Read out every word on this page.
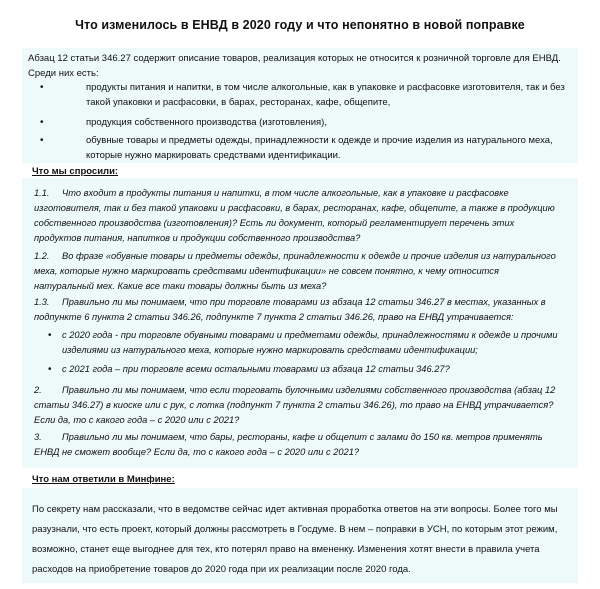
Что изменилось в ЕНВД в 2020 году и что непонятно в новой поправке
Абзац 12 статьи 346.27 содержит описание товаров, реализация которых не относится к розничной торговле для ЕНВД. Среди них есть:
•	продукты питания и напитки, в том числе алкогольные, как в упаковке и расфасовке изготовителя, так и без такой упаковки и расфасовки, в барах, ресторанах, кафе, общепите,
•	продукция собственного производства (изготовления),
•	обувные товары и предметы одежды, принадлежности к одежде и прочие изделия из натурального меха, которые нужно маркировать средствами идентификации.
Что мы спросили:
1.1.	Что входит в продукты питания и напитки, в том числе алкогольные, как в упаковке и расфасовке изготовителя, так и без такой упаковки и расфасовки, в барах, ресторанах, кафе, общепите, а также в продукцию собственного производства (изготовления)? Есть ли документ, который регламентирует перечень этих продуктов питания, напитков и продукции собственного производства?
1.2.	Во фразе «обувные товары и предметы одежды, принадлежности к одежде и прочие изделия из натурального меха, которые нужно маркировать средствами идентификации» не совсем понятно, к чему относится натуральный мех. Какие все таки товары должны быть из меха?
1.3.	Правильно ли мы понимаем, что при торговле товарами из абзаца 12 статьи 346.27 в местах, указанных в подпункте 6 пункта 2 статьи 346.26, подпункте 7 пункта 2 статьи 346.26, право на ЕНВД утрачивается:
• с 2020 года - при торговле обувными товарами и предметами одежды, принадлежностями к одежде и прочими изделиями из натурального меха, которые нужно маркировать средствами идентификации;
• с 2021 года – при торговле всеми остальными товарами из абзаца 12 статьи 346.27?
2.	Правильно ли мы понимаем, что если торговать булочными изделиями собственного производства (абзац 12 статьи 346.27) в киоске или с рук, с лотка (подпункт 7 пункта 2 статьи 346.26), то право на ЕНВД утрачивается? Если да, то с какого года – с 2020 или с 2021?
3.	Правильно ли мы понимаем, что бары, рестораны, кафе и общепит с залами до 150 кв. метров применять ЕНВД не сможет вообще? Если да, то с какого года – с 2020 или с 2021?
Что нам ответили в Минфине:
По секрету нам рассказали, что в ведомстве сейчас идет активная проработка ответов на эти вопросы. Более того мы разузнали, что есть проект, который должны рассмотреть в Госдуме. В нем – поправки в УСН, по которым этот режим, возможно, станет еще выгоднее для тех, кто потерял право на вмененку. Изменения хотят внести в правила учета расходов на приобретение товаров до 2020 года при их реализации после 2020 года.
